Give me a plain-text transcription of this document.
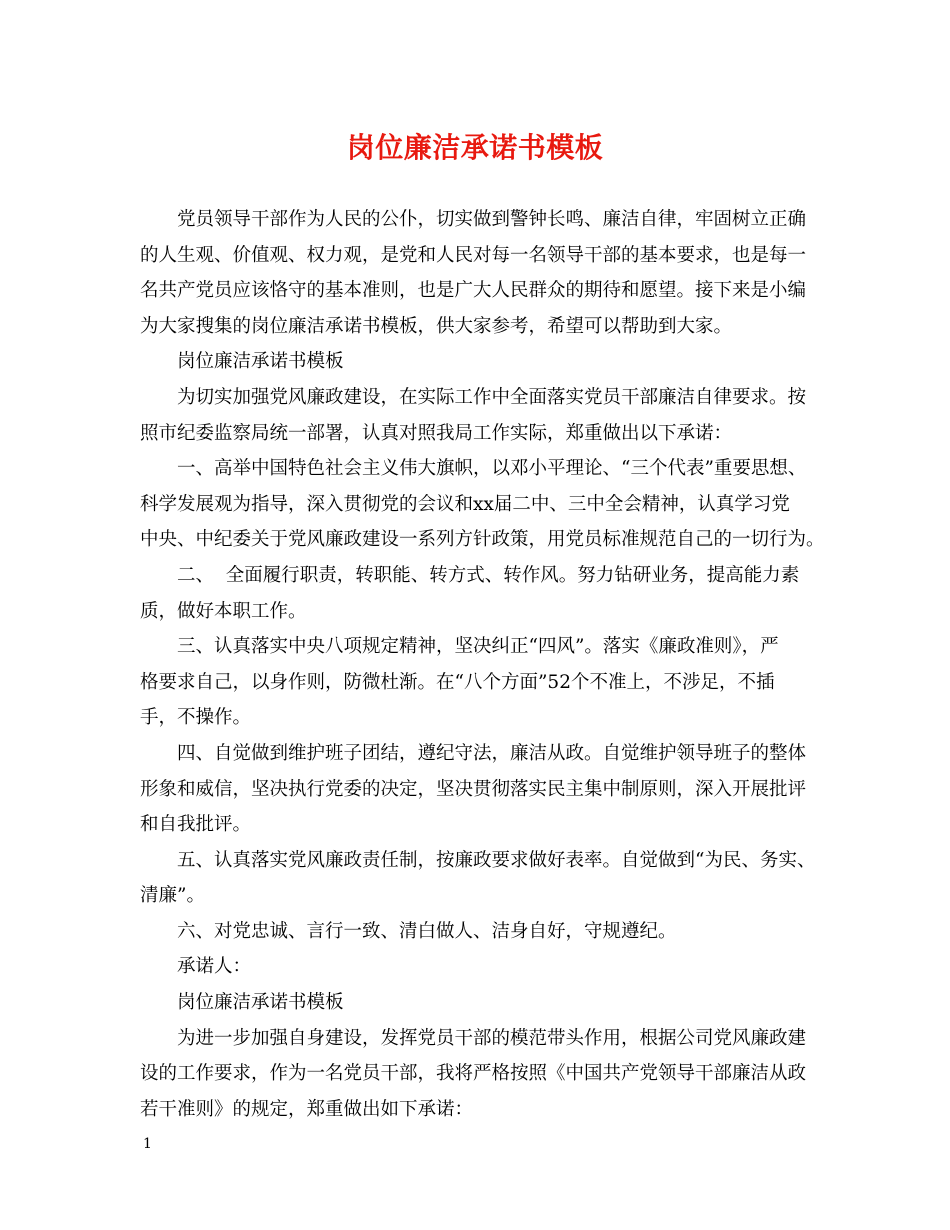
岗位廉洁承诺书模板

党员领导干部作为人民的公仆，切实做到警钟长鸣、廉洁自律，牢固树立正确
的人生观、价值观、权力观，是党和人民对每一名领导干部的基本要求，也是每一
名共产党员应该恪守的基本准则，也是广大人民群众的期待和愿望。接下来是小编
为大家搜集的岗位廉洁承诺书模板，供大家参考，希望可以帮助到大家。

岗位廉洁承诺书模板

为切实加强党风廉政建设，在实际工作中全面落实党员干部廉洁自律要求。按
照市纪委监察局统一部署，认真对照我局工作实际，郑重做出以下承诺：

一、高举中国特色社会主义伟大旗帜，以邓小平理论、“三个代表”重要思想、
科学发展观为指导，深入贯彻党的会议和xx届二中、三中全会精神，认真学习党
中央、中纪委关于党风廉政建设一系列方针政策，用党员标准规范自己的一切行为。

二、  全面履行职责，转职能、转方式、转作风。努力钻研业务，提高能力素
质，做好本职工作。

三、认真落实中央八项规定精神，坚决纠正“四风”。落实《廉政准则》，严
格要求自己，以身作则，防微杜渐。在“八个方面”52个不准上，不涉足，不插
手，不操作。

四、自觉做到维护班子团结，遵纪守法，廉洁从政。自觉维护领导班子的整体
形象和威信，坚决执行党委的决定，坚决贯彻落实民主集中制原则，深入开展批评
和自我批评。

五、认真落实党风廉政责任制，按廉政要求做好表率。自觉做到“为民、务实、
清廉”。

六、对党忠诚、言行一致、清白做人、洁身自好，守规遵纪。

承诺人：

岗位廉洁承诺书模板

为进一步加强自身建设，发挥党员干部的模范带头作用，根据公司党风廉政建
设的工作要求，作为一名党员干部，我将严格按照《中国共产党领导干部廉洁从政
若干准则》的规定，郑重做出如下承诺：

1
